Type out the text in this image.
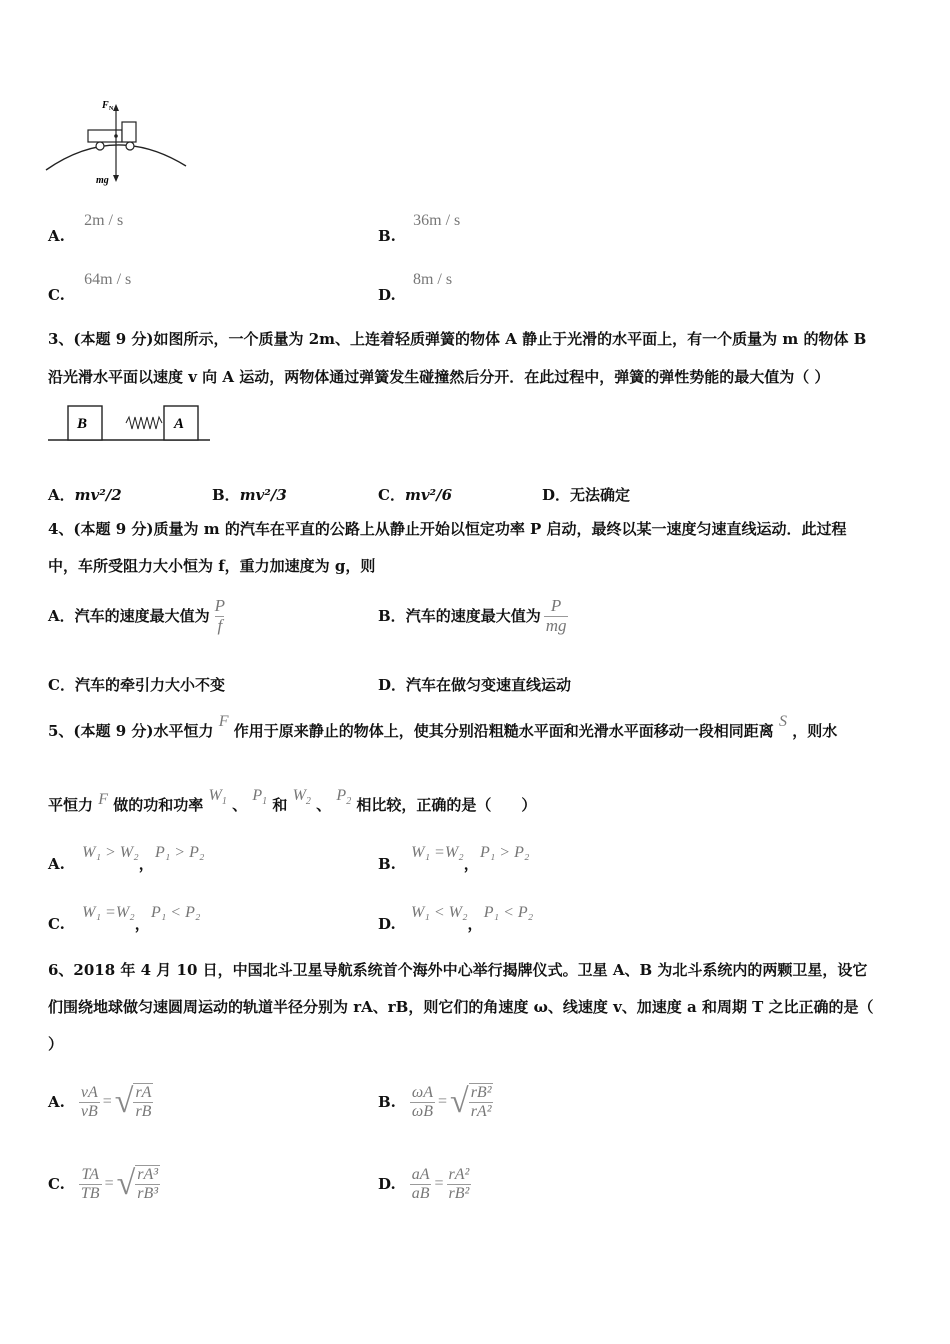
F N
mg
A. 2m / s
B. 36m / s
C. 64m / s
D. 8m / s
3、(本题 9 分)如图所示，一个质量为 2m、上连着轻质弹簧的物体 A 静止于光滑的水平面上，有一个质量为 m 的物体 B
沿光滑水平面以速度 v 向 A 运动，两物体通过弹簧发生碰撞然后分开．在此过程中，弹簧的弹性势能的最大值为（ ）
B	A
A．mv²/2	B．mv²/3	C．mv²/6	D．无法确定
4、(本题 9 分)质量为 m 的汽车在平直的公路上从静止开始以恒定功率 P 启动，最终以某一速度匀速直线运动．此过程
中，车所受阻力大小恒为 f，重力加速度为 g，则
A． 汽车的速度最大值为 $\frac{P}{f}$	B． 汽车的速度最大值为 $\frac{P}{mg}$
C．汽车的牵引力大小不变	D．汽车在做匀变速直线运动
5、(本题 9 分)水平恒力 F 作用于原来静止的物体上，使其分别沿粗糙水平面和光滑水平面移动一段相同距离 S ，则水
平恒力 F 做的功和功率 $W_1$ 、 $P_1$ 和 $W_2$ 、 $P_2$ 相比较，正确的是（　　）
A. W₁ > W₂， P₁ > P₂
B. W₁ =W₂， P₁ > P₂
C. W₁ =W₂， P₁ < P₂
D. W₁ < W₂， P₁ < P₂
6、2018 年 4 月 10 日，中国北斗卫星导航系统首个海外中心举行揭牌仪式。卫星 A、B 为北斗系统内的两颗卫星，设它
们围绕地球做匀速圆周运动的轨道半径分别为 rA、rB，则它们的角速度 ω、线速度 v、加速度 a 和周期 T 之比正确的是（
）
A. $\frac{vA}{vB}$ = √ $\frac{rA}{rB}$	B. $\frac{\omega A}{\omega B}$ = √ $\frac{\text{rB²}}{\text{rA²}}$
C. $\frac{TA}{TB}$ = √ $\frac{\text{rA³}}{\text{rB³}}$	D. $\frac{aA}{aB} = \frac{\text{rA²}}{\text{rB²}}$
